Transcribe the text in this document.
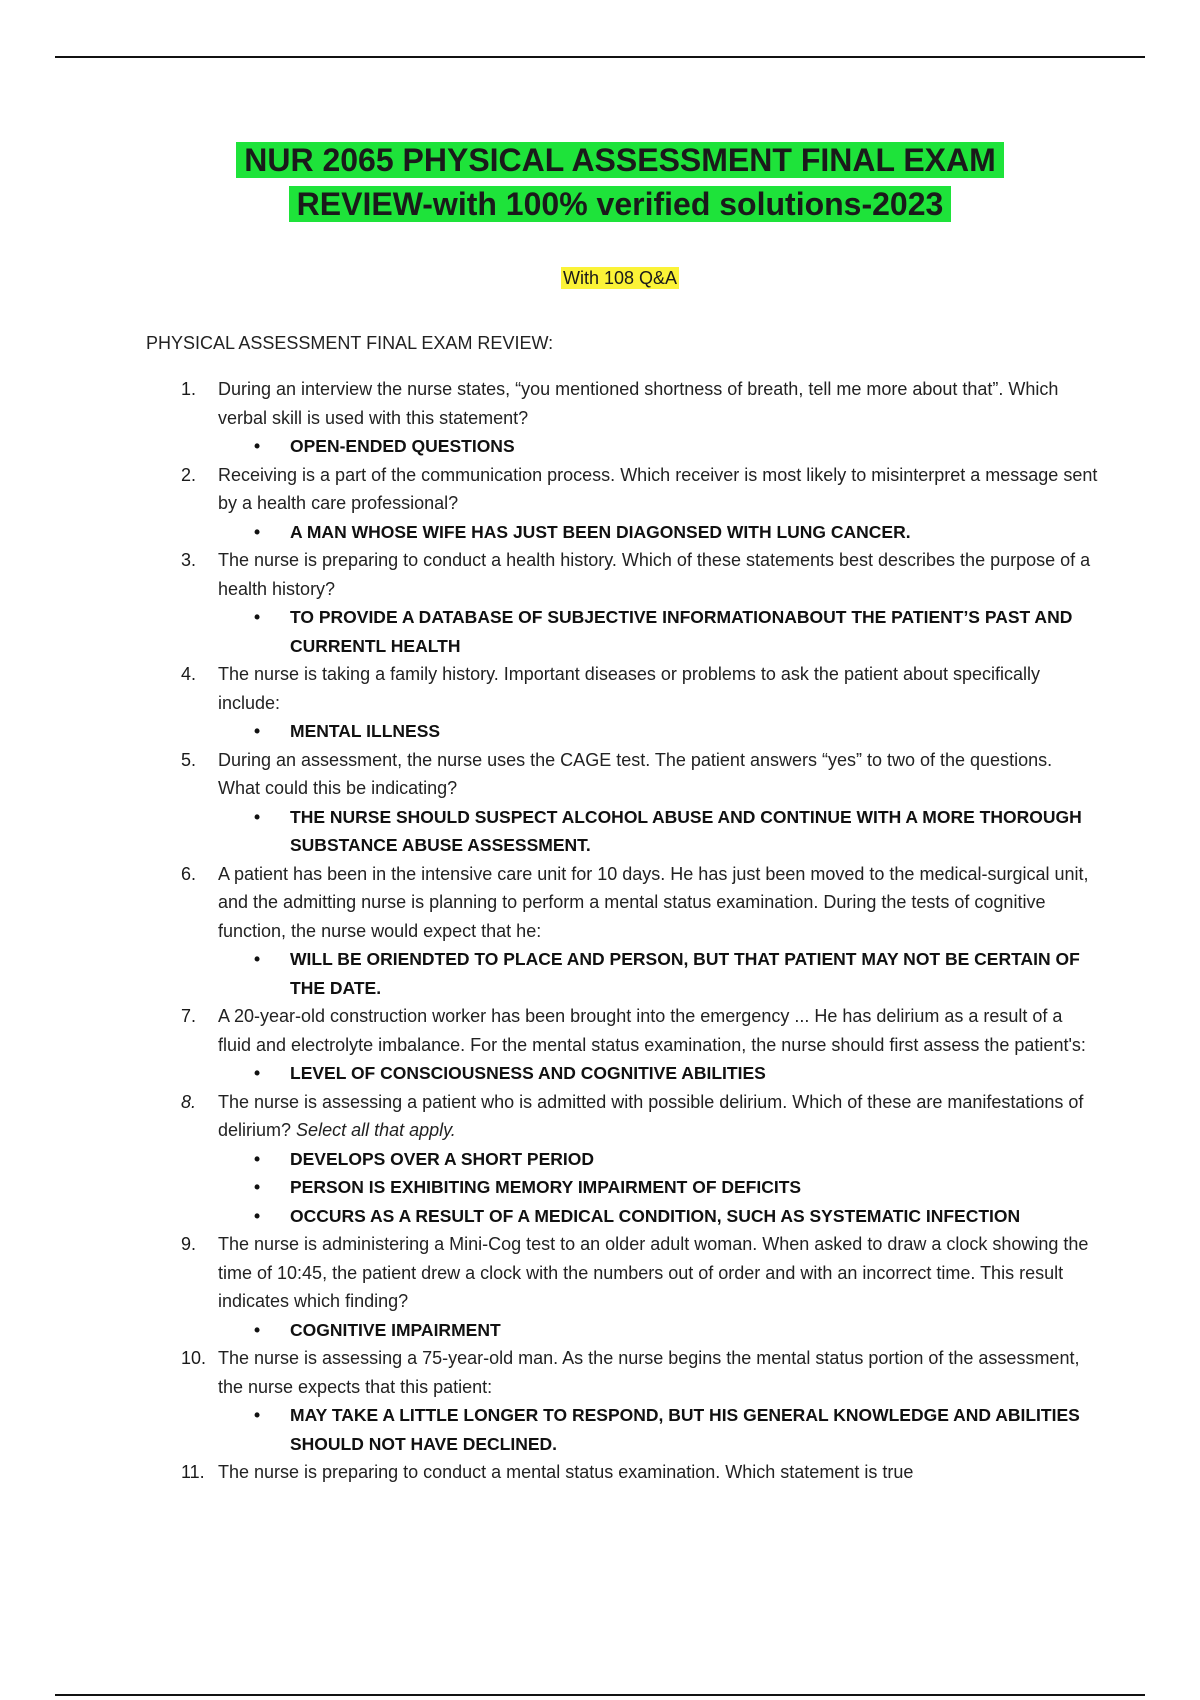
NUR 2065 PHYSICAL ASSESSMENT FINAL EXAM
REVIEW-with 100% verified solutions-2023
With 108 Q&A
PHYSICAL ASSESSMENT FINAL EXAM REVIEW:
1. During an interview the nurse states, “you mentioned shortness of breath, tell me more about that”. Which verbal skill is used with this statement?
• OPEN-ENDED QUESTIONS
2. Receiving is a part of the communication process. Which receiver is most likely to misinterpret a message sent by a health care professional?
• A MAN WHOSE WIFE HAS JUST BEEN DIAGONSED WITH LUNG CANCER.
3. The nurse is preparing to conduct a health history. Which of these statements best describes the purpose of a health history?
• TO PROVIDE A DATABASE OF SUBJECTIVE INFORMATIONABOUT THE PATIENT’S PAST AND CURRENTL HEALTH
4. The nurse is taking a family history. Important diseases or problems to ask the patient about specifically include:
• MENTAL ILLNESS
5. During an assessment, the nurse uses the CAGE test. The patient answers “yes” to two of the questions. What could this be indicating?
• THE NURSE SHOULD SUSPECT ALCOHOL ABUSE AND CONTINUE WITH A MORE THOROUGH SUBSTANCE ABUSE ASSESSMENT.
6. A patient has been in the intensive care unit for 10 days. He has just been moved to the medical-surgical unit, and the admitting nurse is planning to perform a mental status examination. During the tests of cognitive function, the nurse would expect that he:
• WILL BE ORIENDTED TO PLACE AND PERSON, BUT THAT PATIENT MAY NOT BE CERTAIN OF THE DATE.
7. A 20-year-old construction worker has been brought into the emergency ... He has delirium as a result of a fluid and electrolyte imbalance. For the mental status examination, the nurse should first assess the patient's:
• LEVEL OF CONSCIOUSNESS AND COGNITIVE ABILITIES
8. The nurse is assessing a patient who is admitted with possible delirium. Which of these are manifestations of delirium? Select all that apply.
• DEVELOPS OVER A SHORT PERIOD
• PERSON IS EXHIBITING MEMORY IMPAIRMENT OF DEFICITS
• OCCURS AS A RESULT OF A MEDICAL CONDITION, SUCH AS SYSTEMATIC INFECTION
9. The nurse is administering a Mini-Cog test to an older adult woman. When asked to draw a clock showing the time of 10:45, the patient drew a clock with the numbers out of order and with an incorrect time. This result indicates which finding?
• COGNITIVE IMPAIRMENT
10. The nurse is assessing a 75-year-old man. As the nurse begins the mental status portion of the assessment, the nurse expects that this patient:
• MAY TAKE A LITTLE LONGER TO RESPOND, BUT HIS GENERAL KNOWLEDGE AND ABILITIES SHOULD NOT HAVE DECLINED.
11. The nurse is preparing to conduct a mental status examination. Which statement is true
